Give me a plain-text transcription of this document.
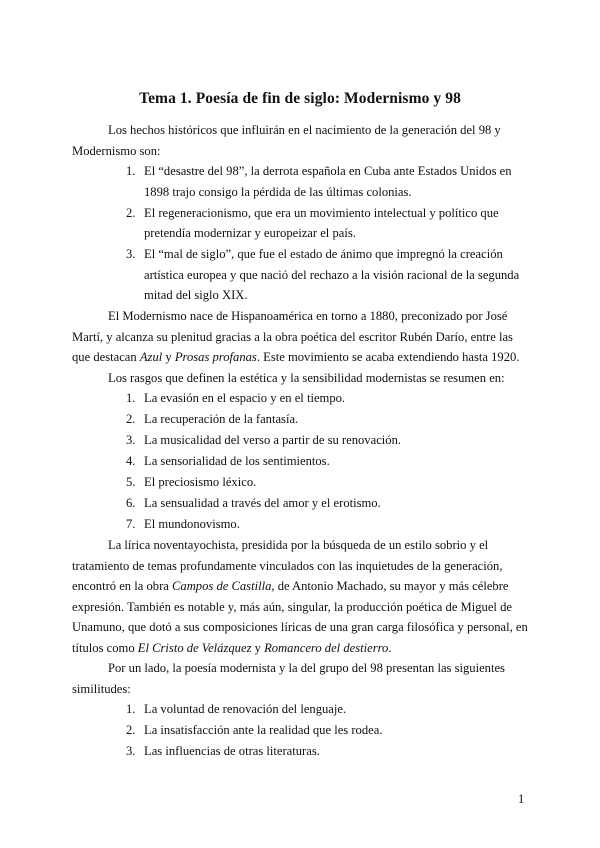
Tema 1. Poesía de fin de siglo: Modernismo y 98

Los hechos históricos que influirán en el nacimiento de la generación del 98 y Modernismo son:

1. El “desastre del 98”, la derrota española en Cuba ante Estados Unidos en 1898 trajo consigo la pérdida de las últimas colonias.
2. El regeneracionismo, que era un movimiento intelectual y político que pretendía modernizar y europeizar el país.
3. El “mal de siglo”, que fue el estado de ánimo que impregnó la creación artística europea y que nació del rechazo a la visión racional de la segunda mitad del siglo XIX.

El Modernismo nace de Hispanoamérica en torno a 1880, preconizado por José Martí, y alcanza su plenitud gracias a la obra poética del escritor Rubén Darío, entre las que destacan Azul y Prosas profanas. Este movimiento se acaba extendiendo hasta 1920.

Los rasgos que definen la estética y la sensibilidad modernistas se resumen en:

1. La evasión en el espacio y en el tiempo.
2. La recuperación de la fantasía.
3. La musicalidad del verso a partir de su renovación.
4. La sensorialidad de los sentimientos.
5. El preciosismo léxico.
6. La sensualidad a través del amor y el erotismo.
7. El mundonovismo.

La lírica noventayochista, presidida por la búsqueda de un estilo sobrio y el tratamiento de temas profundamente vinculados con las inquietudes de la generación, encontró en la obra Campos de Castilla, de Antonio Machado, su mayor y más célebre expresión. También es notable y, más aún, singular, la producción poética de Miguel de Unamuno, que dotó a sus composiciones líricas de una gran carga filosófica y personal, en títulos como El Cristo de Velázquez y Romancero del destierro.

Por un lado, la poesía modernista y la del grupo del 98 presentan las siguientes similitudes:

1. La voluntad de renovación del lenguaje.
2. La insatisfacción ante la realidad que les rodea.
3. Las influencias de otras literaturas.
1
